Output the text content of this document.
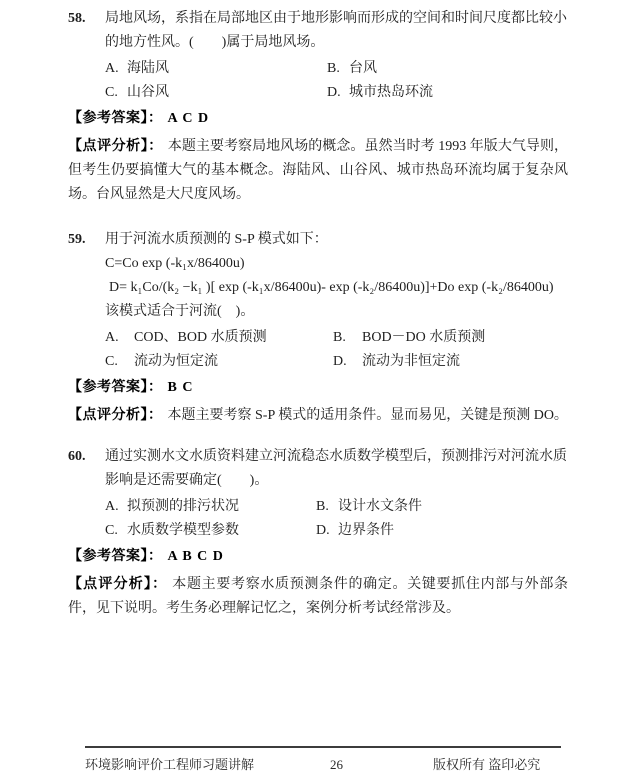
58.	局地风场，系指在局部地区由于地形影响而形成的空间和时间尺度都比较小
的地方性风。(　　)属于局地风场。
A. 海陆风	B. 台风
C. 山谷风	D. 城市热岛环流
【参考答案】： A C D

【点评分析】： 本题主要考察局地风场的概念。虽然当时考 1993 年版大气导则，但考生仍要搞懂大气的基本概念。海陆风、山谷风、城市热岛环流均属于复杂风场。台风显然是大尺度风场。

59.	用于河流水质预测的 S-P 模式如下：
C=Co exp (-k₁x/86400u)
D= k₁Co/(k₂ −k₁ )[ exp (-k₁x/86400u)- exp (-k₂/86400u)]+Do exp (-k₂/86400u)
该模式适合于河流(　)。
A. COD、BOD 水质预测	B. BOD－DO 水质预测
C. 流动为恒定流	D. 流动为非恒定流
【参考答案】： B C

【点评分析】： 本题主要考察 S-P 模式的适用条件。显而易见，关键是预测 DO。

60.	通过实测水文水质资料建立河流稳态水质数学模型后，预测排污对河流水质
影响是还需要确定(　　)。
A. 拟预测的排污状况	B. 设计水文条件
C. 水质数学模型参数	D. 边界条件
【参考答案】： A B C D

【点评分析】： 本题主要考察水质预测条件的确定。关键要抓住内部与外部条件，见下说明。考生务必理解记忆之，案例分析考试经常涉及。

环境影响评价工程师习题讲解	26	版权所有 盗印必究
